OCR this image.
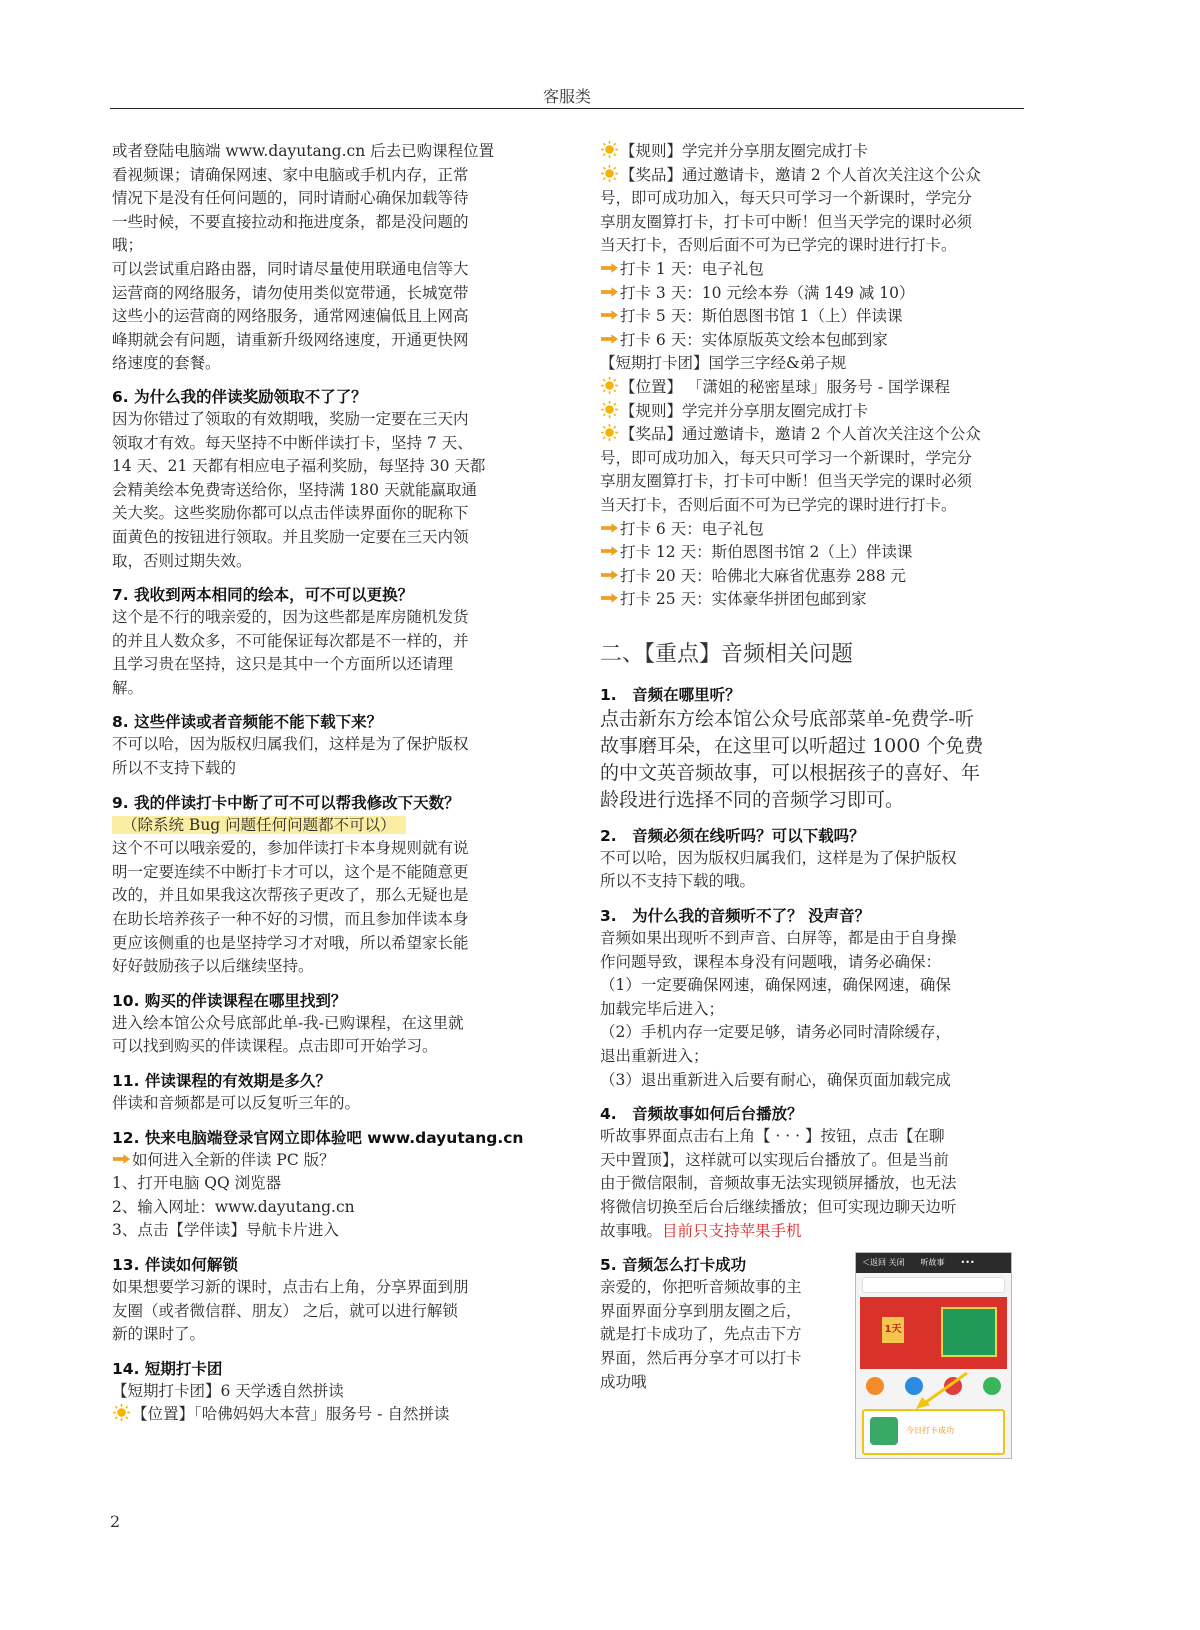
客服类
或者登陆电脑端 www.dayutang.cn 后去已购课程位置
看视频课；请确保网速、家中电脑或手机内存，正常
情况下是没有任何问题的，同时请耐心确保加载等待
一些时候，不要直接拉动和拖进度条，都是没问题的
哦；
可以尝试重启路由器，同时请尽量使用联通电信等大
运营商的网络服务，请勿使用类似宽带通，长城宽带
这些小的运营商的网络服务，通常网速偏低且上网高
峰期就会有问题，请重新升级网络速度，开通更快网
络速度的套餐。
6. 为什么我的伴读奖励领取不了了？
因为你错过了领取的有效期哦，奖励一定要在三天内
领取才有效。每天坚持不中断伴读打卡，坚持 7 天、
14 天、21 天都有相应电子福利奖励，每坚持 30 天都
会精美绘本免费寄送给你，坚持满 180 天就能赢取通
关大奖。这些奖励你都可以点击伴读界面你的昵称下
面黄色的按钮进行领取。并且奖励一定要在三天内领
取，否则过期失效。
7. 我收到两本相同的绘本，可不可以更换？
这个是不行的哦亲爱的，因为这些都是库房随机发货
的并且人数众多，不可能保证每次都是不一样的，并
且学习贵在坚持，这只是其中一个方面所以还请理
解。
8. 这些伴读或者音频能不能下载下来？
不可以哈，因为版权归属我们，这样是为了保护版权
所以不支持下载的
9. 我的伴读打卡中断了可不可以帮我修改下天数？
（除系统 Bug 问题任何问题都不可以）
这个不可以哦亲爱的，参加伴读打卡本身规则就有说
明一定要连续不中断打卡才可以，这个是不能随意更
改的，并且如果我这次帮孩子更改了，那么无疑也是
在助长培养孩子一种不好的习惯，而且参加伴读本身
更应该侧重的也是坚持学习才对哦，所以希望家长能
好好鼓励孩子以后继续坚持。
10. 购买的伴读课程在哪里找到？
进入绘本馆公众号底部此单-我-已购课程，在这里就
可以找到购买的伴读课程。点击即可开始学习。
11. 伴读课程的有效期是多久？
伴读和音频都是可以反复听三年的。
12. 快来电脑端登录官网立即体验吧 www.dayutang.cn
如何进入全新的伴读 PC 版？
1、打开电脑 QQ 浏览器
2、输入网址：www.dayutang.cn
3、点击【学伴读】导航卡片进入
13. 伴读如何解锁
如果想要学习新的课时，点击右上角，分享界面到朋
友圈（或者微信群、朋友） 之后，就可以进行解锁
新的课时了。
14. 短期打卡团
【短期打卡团】6 天学透自然拼读
【位置】「哈佛妈妈大本营」服务号 - 自然拼读
【规则】学完并分享朋友圈完成打卡
【奖品】通过邀请卡，邀请 2 个人首次关注这个公众
号，即可成功加入，每天只可学习一个新课时，学完分
享朋友圈算打卡，打卡可中断！但当天学完的课时必须
当天打卡，否则后面不可为已学完的课时进行打卡。
打卡 1 天：电子礼包
打卡 3 天：10 元绘本券（满 149 减 10）
打卡 5 天：斯伯恩图书馆 1（上）伴读课
打卡 6 天：实体原版英文绘本包邮到家
【短期打卡团】国学三字经&弟子规
【位置】 「潇姐的秘密星球」服务号 - 国学课程
【规则】学完并分享朋友圈完成打卡
【奖品】通过邀请卡，邀请 2 个人首次关注这个公众
号，即可成功加入，每天只可学习一个新课时，学完分
享朋友圈算打卡，打卡可中断！但当天学完的课时必须
当天打卡，否则后面不可为已学完的课时进行打卡。
打卡 6 天：电子礼包
打卡 12 天：斯伯恩图书馆 2（上）伴读课
打卡 20 天：哈佛北大麻省优惠券 288 元
打卡 25 天：实体豪华拼团包邮到家
二、【重点】音频相关问题
1.　音频在哪里听？
点击新东方绘本馆公众号底部菜单-免费学-听
故事磨耳朵，在这里可以听超过 1000 个免费
的中文英音频故事，可以根据孩子的喜好、年
龄段进行选择不同的音频学习即可。
2.　音频必须在线听吗？可以下载吗？
不可以哈，因为版权归属我们，这样是为了保护版权
所以不支持下载的哦。
3.　为什么我的音频听不了？ 没声音？
音频如果出现听不到声音、白屏等，都是由于自身操
作问题导致，课程本身没有问题哦，请务必确保：
（1）一定要确保网速，确保网速，确保网速，确保
加载完毕后进入；
（2）手机内存一定要足够，请务必同时清除缓存，
退出重新进入；
（3）退出重新进入后要有耐心，确保页面加载完成
4.　音频故事如何后台播放？
听故事界面点击右上角【 · · · 】按钮，点击【在聊
天中置顶】，这样就可以实现后台播放了。但是当前
由于微信限制，音频故事无法实现锁屏播放，也无法
将微信切换至后台后继续播放；但可实现边聊天边听
故事哦。目前只支持苹果手机
5. 音频怎么打卡成功
亲爱的，你把听音频故事的主
界面界面分享到朋友圈之后，
就是打卡成功了，先点击下方
界面，然后再分享才可以打卡
成功哦
＜返回 关闭　　听故事　　•••
1天
今日打卡成功
2
